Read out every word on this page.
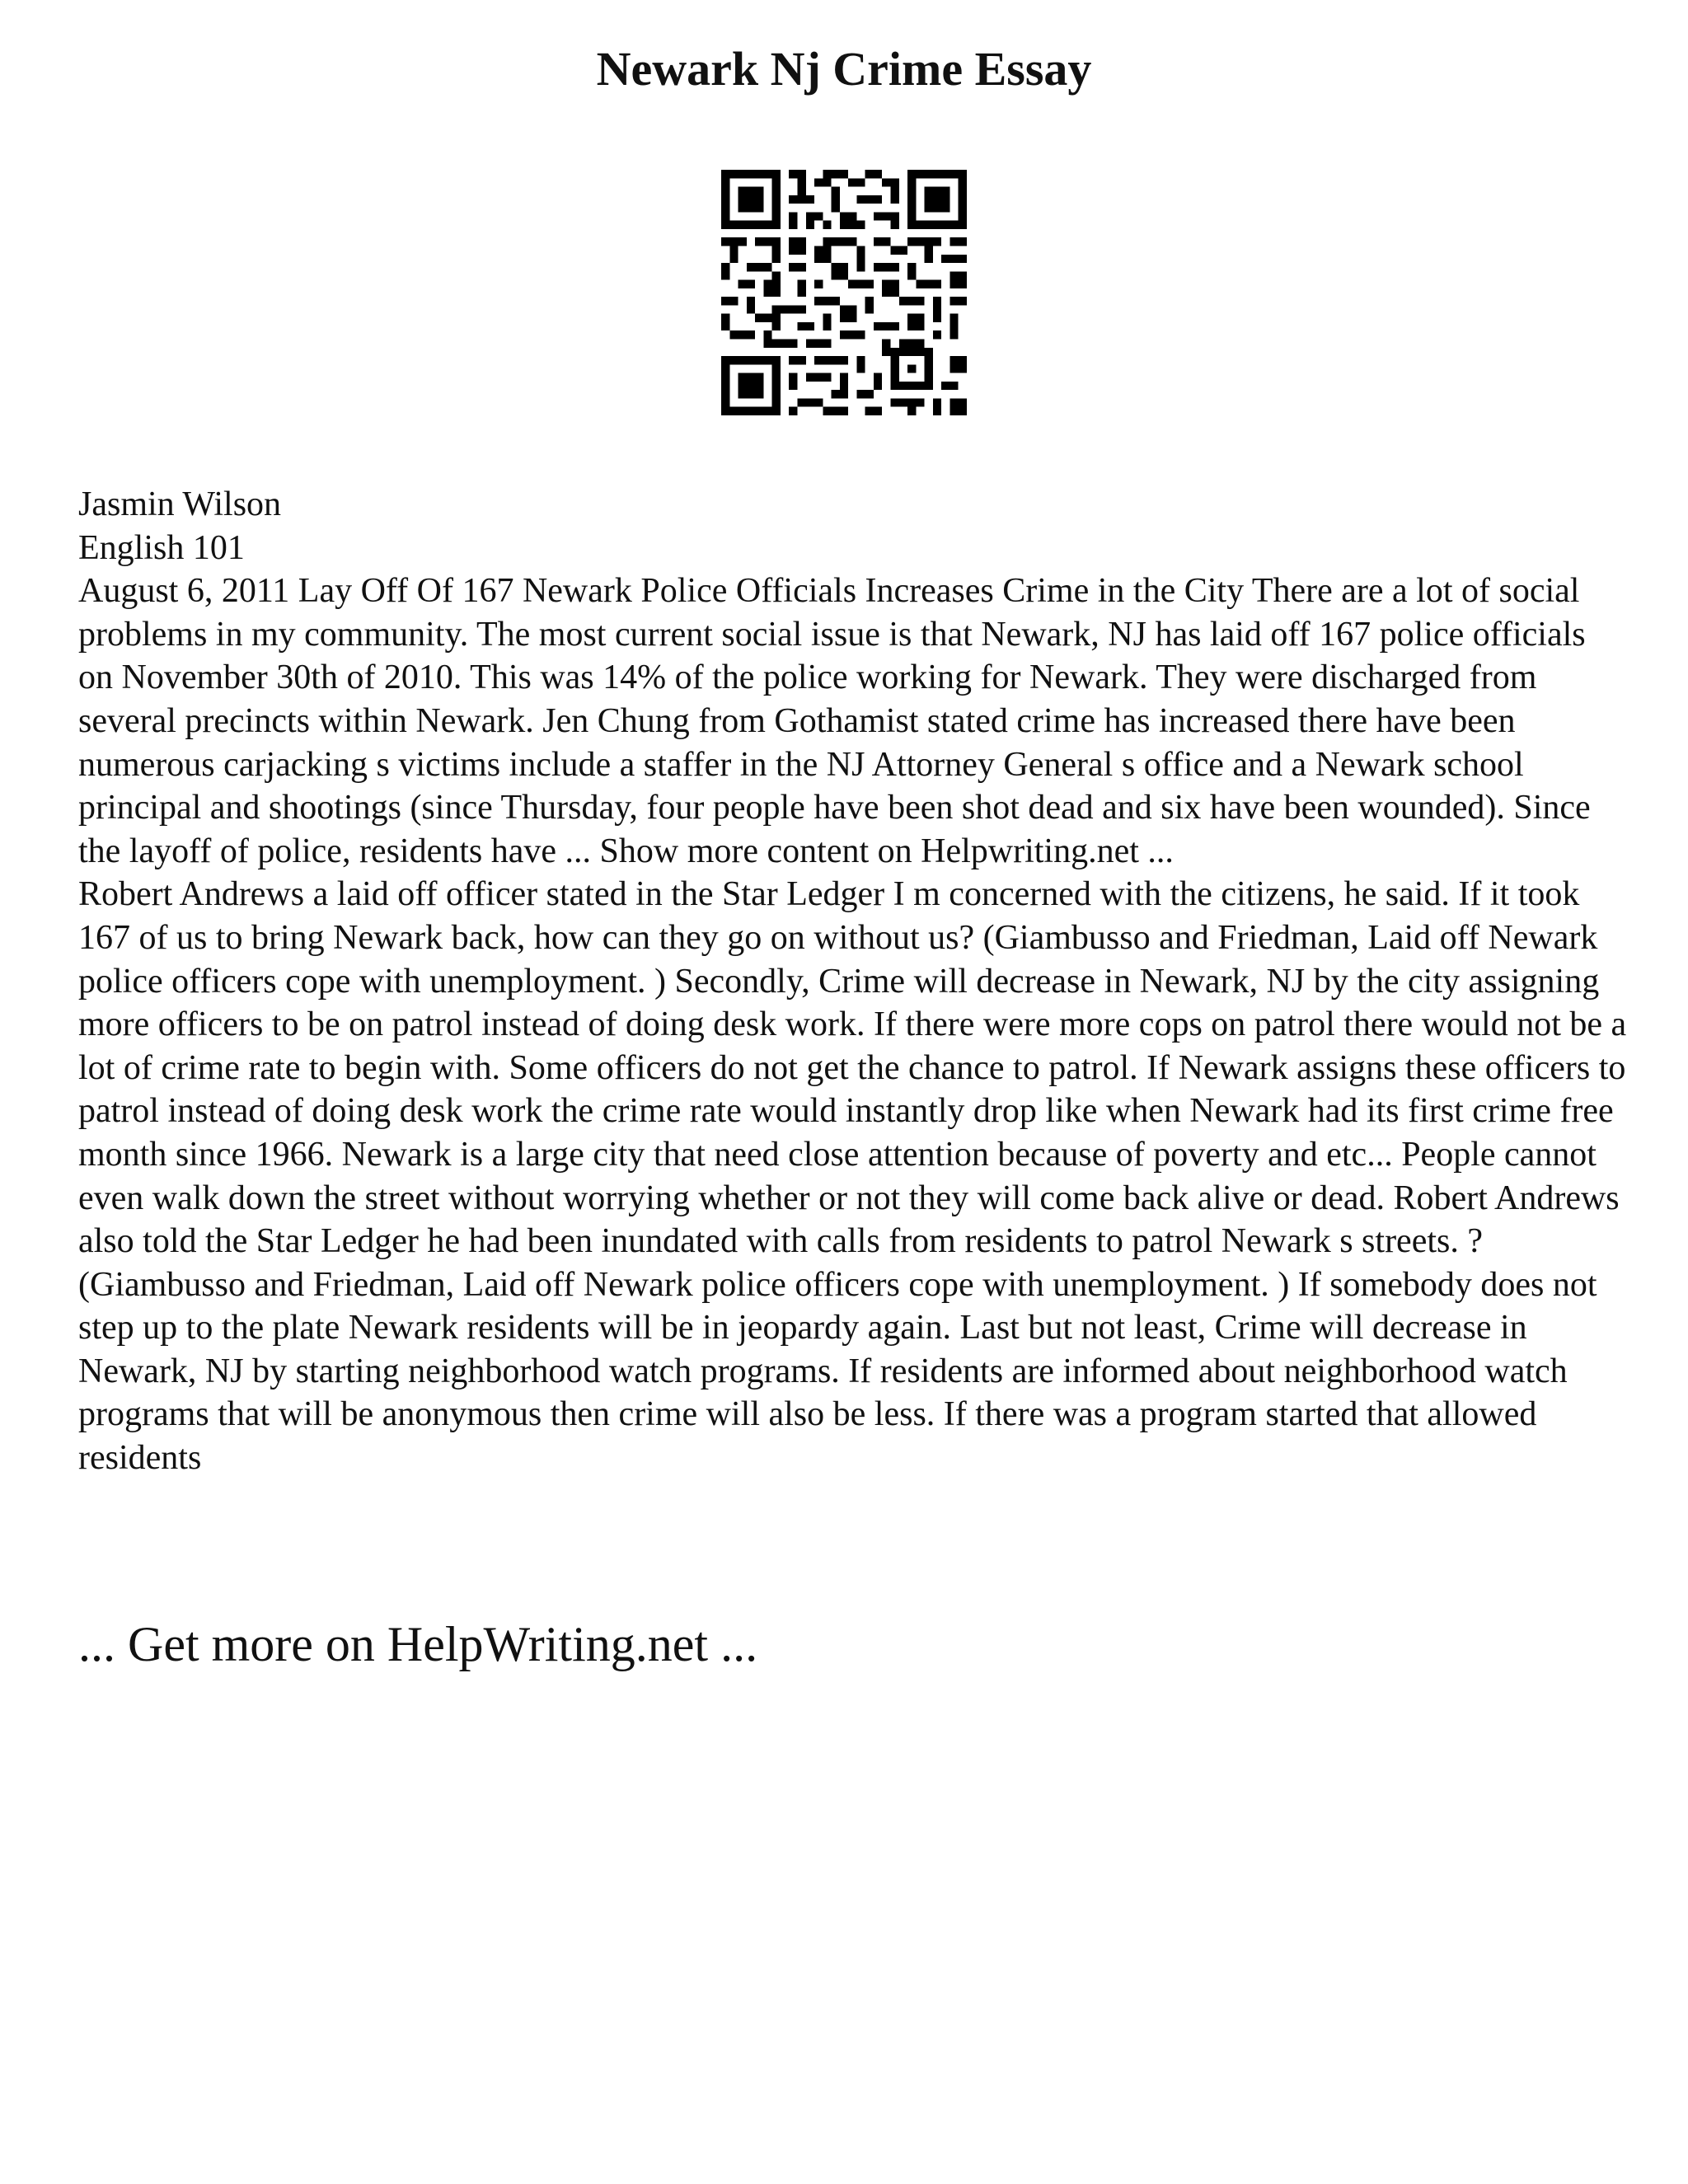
Newark Nj Crime Essay
Jasmin Wilson
English 101

August 6, 2011 Lay Off Of 167 Newark Police Officials Increases Crime in the City There are a lot of social problems in my community. The most current social issue is that Newark, NJ has laid off 167 police officials on November 30th of 2010. This was 14% of the police working for Newark. They were discharged from several precincts within Newark. Jen Chung from Gothamist stated crime has increased there have been numerous carjacking s victims include a staffer in the NJ Attorney General s office and a Newark school principal and shootings (since Thursday, four people have been shot dead and six have been wounded). Since the layoff of police, residents have ... Show more content on Helpwriting.net ...

Robert Andrews a laid off officer stated in the Star Ledger I m concerned with the citizens, he said. If it took 167 of us to bring Newark back, how can they go on without us? (Giambusso and Friedman, Laid off Newark police officers cope with unemployment. ) Secondly, Crime will decrease in Newark, NJ by the city assigning more officers to be on patrol instead of doing desk work. If there were more cops on patrol there would not be a lot of crime rate to begin with. Some officers do not get the chance to patrol. If Newark assigns these officers to patrol instead of doing desk work the crime rate would instantly drop like when Newark had its first crime free month since 1966. Newark is a large city that need close attention because of poverty and etc... People cannot even walk down the street without worrying whether or not they will come back alive or dead. Robert Andrews also told the Star Ledger he had been inundated with calls from residents to patrol Newark s streets. ? (Giambusso and Friedman, Laid off Newark police officers cope with unemployment. ) If somebody does not step up to the plate Newark residents will be in jeopardy again. Last but not least, Crime will decrease in Newark, NJ by starting neighborhood watch programs. If residents are informed about neighborhood watch programs that will be anonymous then crime will also be less. If there was a program started that allowed residents

... Get more on HelpWriting.net ...
